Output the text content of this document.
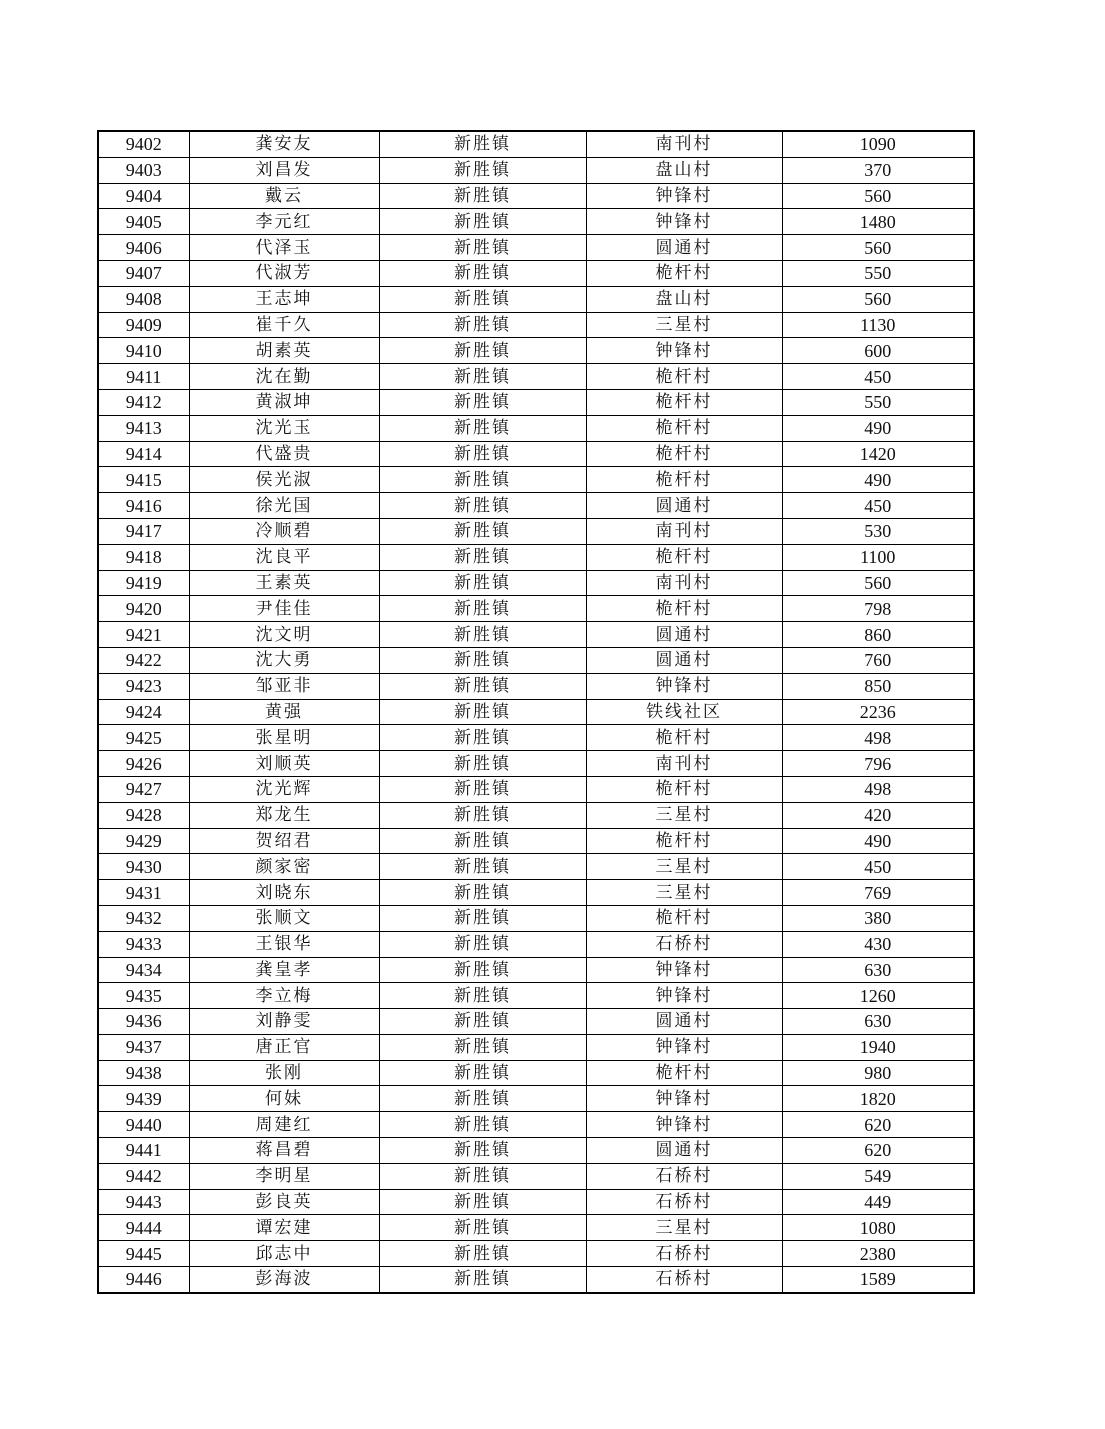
9402	龚安友	新胜镇	南刊村	1090
9403	刘昌发	新胜镇	盘山村	370
9404	戴云	新胜镇	钟锋村	560
9405	李元红	新胜镇	钟锋村	1480
9406	代泽玉	新胜镇	圆通村	560
9407	代淑芳	新胜镇	桅杆村	550
9408	王志坤	新胜镇	盘山村	560
9409	崔千久	新胜镇	三星村	1130
9410	胡素英	新胜镇	钟锋村	600
9411	沈在勤	新胜镇	桅杆村	450
9412	黄淑坤	新胜镇	桅杆村	550
9413	沈光玉	新胜镇	桅杆村	490
9414	代盛贵	新胜镇	桅杆村	1420
9415	侯光淑	新胜镇	桅杆村	490
9416	徐光国	新胜镇	圆通村	450
9417	冷顺碧	新胜镇	南刊村	530
9418	沈良平	新胜镇	桅杆村	1100
9419	王素英	新胜镇	南刊村	560
9420	尹佳佳	新胜镇	桅杆村	798
9421	沈文明	新胜镇	圆通村	860
9422	沈大勇	新胜镇	圆通村	760
9423	邹亚非	新胜镇	钟锋村	850
9424	黄强	新胜镇	铁线社区	2236
9425	张星明	新胜镇	桅杆村	498
9426	刘顺英	新胜镇	南刊村	796
9427	沈光辉	新胜镇	桅杆村	498
9428	郑龙生	新胜镇	三星村	420
9429	贺绍君	新胜镇	桅杆村	490
9430	颜家密	新胜镇	三星村	450
9431	刘晓东	新胜镇	三星村	769
9432	张顺文	新胜镇	桅杆村	380
9433	王银华	新胜镇	石桥村	430
9434	龚皇孝	新胜镇	钟锋村	630
9435	李立梅	新胜镇	钟锋村	1260
9436	刘静雯	新胜镇	圆通村	630
9437	唐正官	新胜镇	钟锋村	1940
9438	张刚	新胜镇	桅杆村	980
9439	何妹	新胜镇	钟锋村	1820
9440	周建红	新胜镇	钟锋村	620
9441	蒋昌碧	新胜镇	圆通村	620
9442	李明星	新胜镇	石桥村	549
9443	彭良英	新胜镇	石桥村	449
9444	谭宏建	新胜镇	三星村	1080
9445	邱志中	新胜镇	石桥村	2380
9446	彭海波	新胜镇	石桥村	1589
